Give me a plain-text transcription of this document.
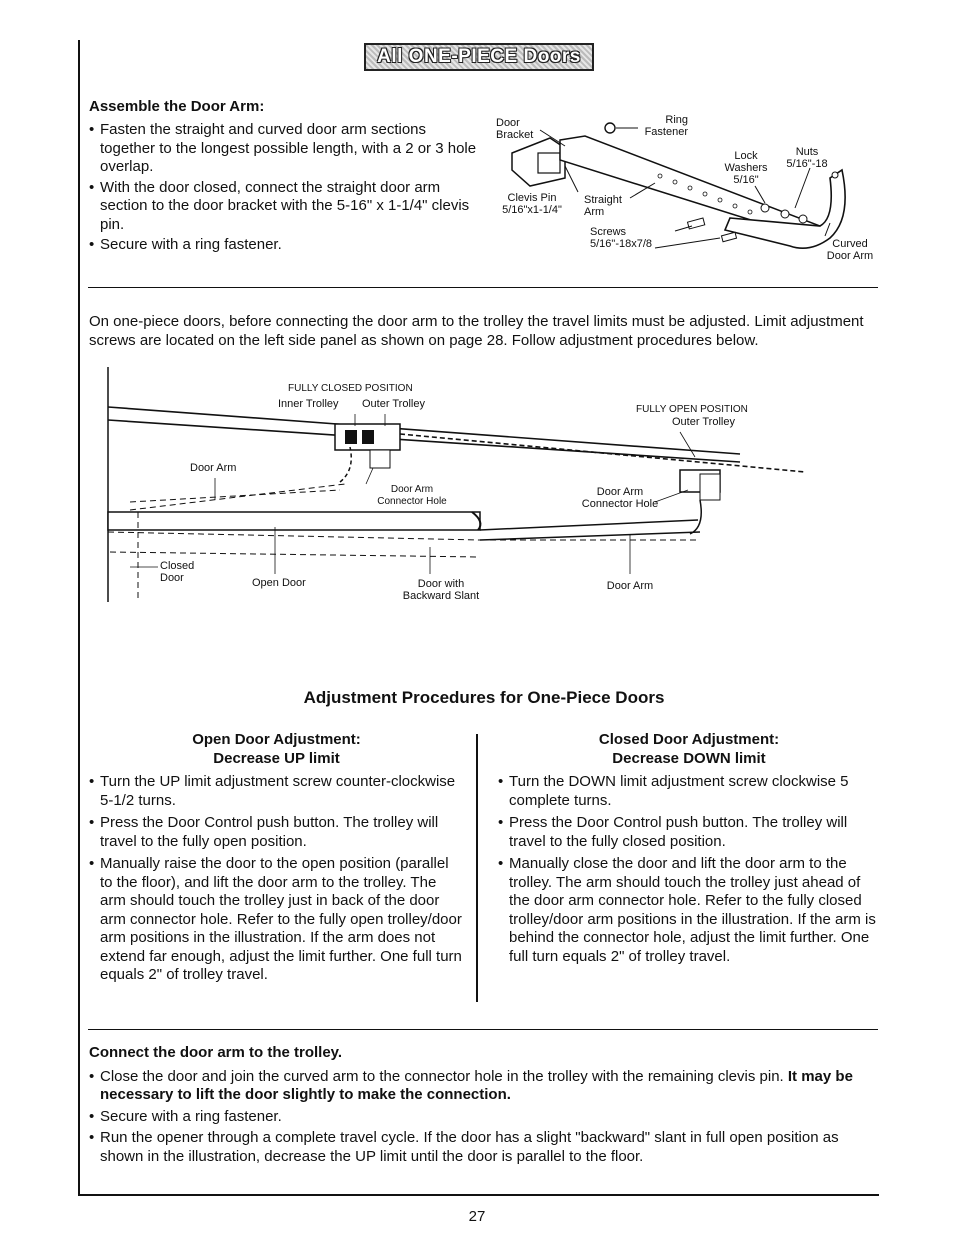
All ONE-PIECE Doors
Assemble the Door Arm:
• Fasten the straight and curved door arm sections together to the longest possible length, with a 2 or 3 hole overlap.
• With the door closed, connect the straight door arm section to the door bracket with the 5-16" x 1-1/4" clevis pin.
• Secure with a ring fastener.
Door Bracket
Ring Fastener
Lock Washers 5/16"
Nuts 5/16"-18
Clevis Pin 5/16"x1-1/4"
Straight Arm
Screws 5/16"-18x7/8	Curved Door Arm
On one-piece doors, before connecting the door arm to the trolley the travel limits must be adjusted. Limit adjustment screws are located on the left side panel as shown on page 28. Follow adjustment procedures below.
FULLY CLOSED POSITION
Inner Trolley	Outer Trolley	FULLY OPEN POSITION
Outer Trolley
Door Arm
Door Arm Connector Hole
Door Arm Connector Hole
Closed Door	Open Door	Door with Backward Slant
Door Arm
Adjustment Procedures for One-Piece Doors
Open Door Adjustment:
Decrease UP limit
• Turn the UP limit adjustment screw counter-clockwise 5-1/2 turns.
• Press the Door Control push button. The trolley will travel to the fully open position.
• Manually raise the door to the open position (parallel to the floor), and lift the door arm to the trolley. The arm should touch the trolley just in back of the door arm connector hole. Refer to the fully open trolley/door arm positions in the illustration. If the arm does not extend far enough, adjust the limit further. One full turn equals 2" of trolley travel.
Closed Door Adjustment:
Decrease DOWN limit
• Turn the DOWN limit adjustment screw clockwise 5 complete turns.
• Press the Door Control push button. The trolley will travel to the fully closed position.
• Manually close the door and lift the door arm to the trolley. The arm should touch the trolley just ahead of the door arm connector hole. Refer to the fully closed trolley/door arm positions in the illustration. If the arm is behind the connector hole, adjust the limit further. One full turn equals 2" of trolley travel.
Connect the door arm to the trolley.
• Close the door and join the curved arm to the connector hole in the trolley with the remaining clevis pin. It may be necessary to lift the door slightly to make the connection.
• Secure with a ring fastener.
• Run the opener through a complete travel cycle. If the door has a slight "backward" slant in full open position as shown in the illustration, decrease the UP limit until the door is parallel to the floor.
27
